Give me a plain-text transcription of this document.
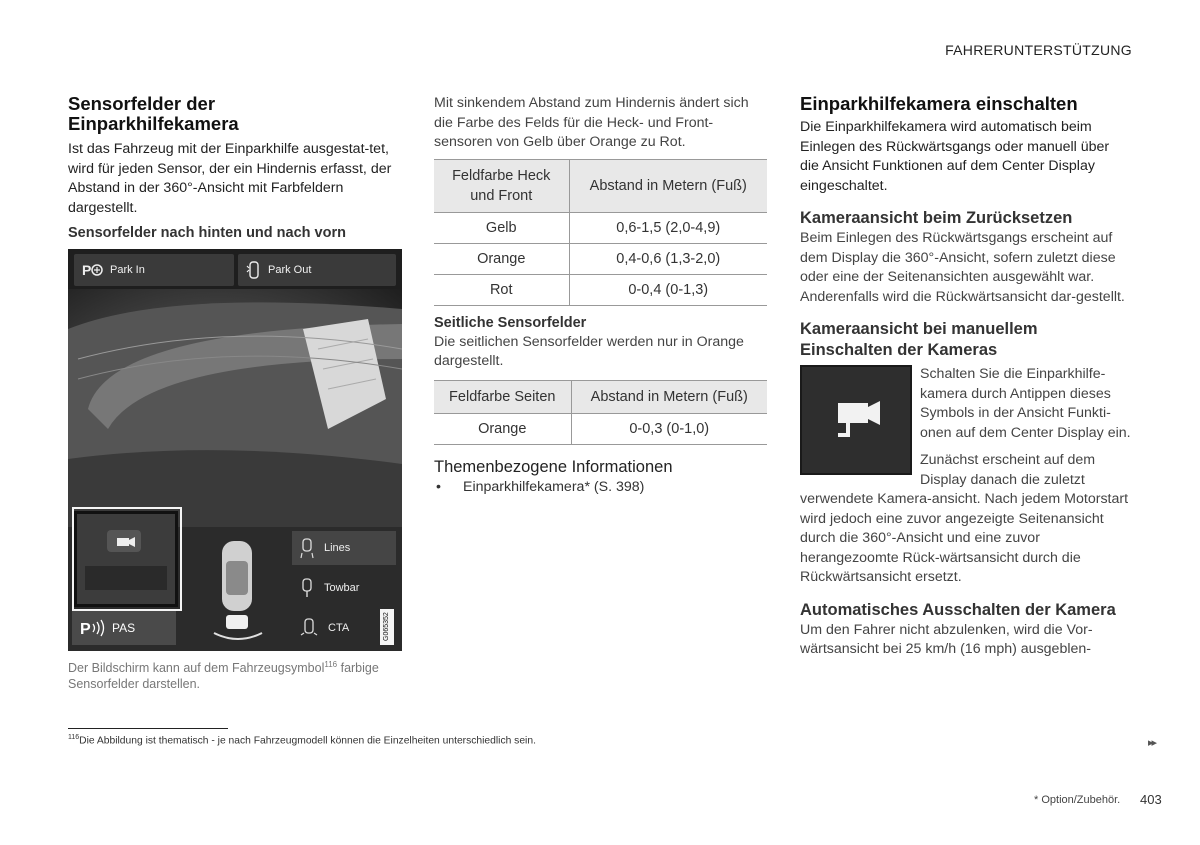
FAHRERUNTERSTÜTZUNG
Sensorfelder der Einparkhilfekamera

Ist das Fahrzeug mit der Einparkhilfe ausgestat-tet, wird für jeden Sensor, der ein Hindernis erfasst, der Abstand in der 360°-Ansicht mit Farbfeldern dargestellt.

Sensorfelder nach hinten und nach vorn
P Park In	Park Out
Lines
Towbar
CTA
P PAS	G065352

Der Bildschirm kann auf dem Fahrzeugsymbol$^{116}$ farbige Sensorfelder darstellen.

Mit sinkendem Abstand zum Hindernis ändert sich die Farbe des Felds für die Heck- und Front-sensoren von Gelb über Orange zu Rot.

Feldfarbe Heck und Front	Abstand in Metern (Fuß)
Gelb	0,6-1,5 (2,0-4,9)
Orange	0,4-0,6 (1,3-2,0)
Rot	0-0,4 (0-1,3)
Seitliche Sensorfelder

Die seitlichen Sensorfelder werden nur in Orange dargestellt.

Feldfarbe Seiten	Abstand in Metern (Fuß)
Orange	0-0,3 (0-1,0)
Themenbezogene Informationen
• Einparkhilfekamera* (S. 398)
Einparkhilfekamera einschalten

Die Einparkhilfekamera wird automatisch beim Einlegen des Rückwärtsgangs oder manuell über die Ansicht Funktionen auf dem Center Display eingeschaltet.

Kameraansicht beim Zurücksetzen

Beim Einlegen des Rückwärtsgangs erscheint auf dem Display die 360°-Ansicht, sofern zuletzt diese oder eine der Seitenansichten ausgewählt war. Anderenfalls wird die Rückwärtsansicht dar-gestellt.

Kameraansicht bei manuellem Einschalten der Kameras

Schalten Sie die Einparkhilfe-kamera durch Antippen dieses Symbols in der Ansicht Funkti-onen auf dem Center Display ein.

Zunächst erscheint auf dem Display danach die zuletzt verwendete Kamera-ansicht. Nach jedem Motorstart wird jedoch eine zuvor angezeigte Seitenansicht durch die 360°-Ansicht und eine zuvor herangezoomte Rück-wärtsansicht durch die Rückwärtsansicht ersetzt.

Automatisches Ausschalten der Kamera

Um den Fahrer nicht abzulenken, wird die Vor-wärtsansicht bei 25 km/h (16 mph) ausgeblen-

$^{116}$Die Abbildung ist thematisch - je nach Fahrzeugmodell können die Einzelheiten unterschiedlich sein.	▸▸
* Option/Zubehör. 403
